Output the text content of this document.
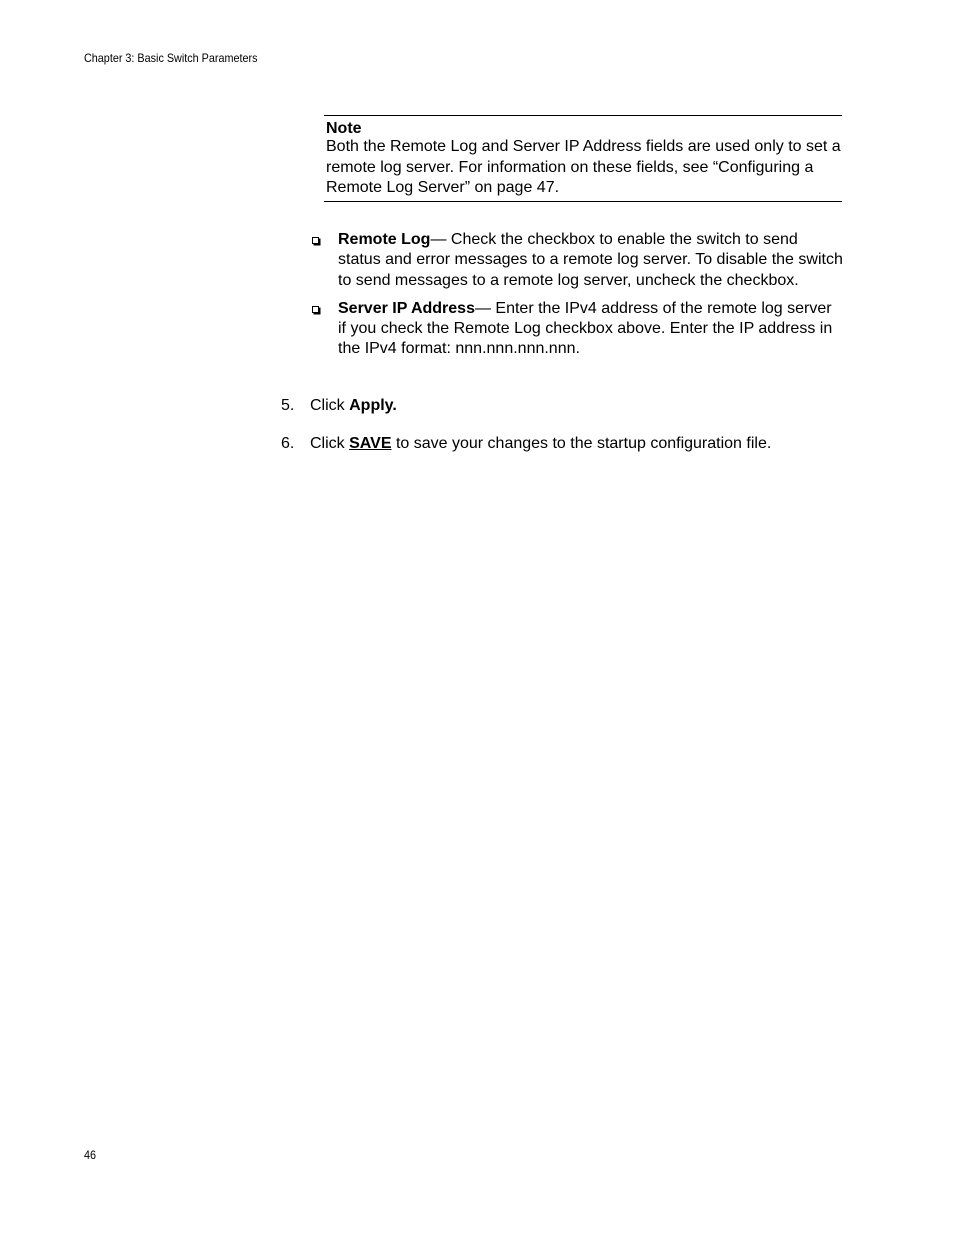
Chapter 3: Basic Switch Parameters
Note
Both the Remote Log and Server IP Address fields are used only to set a remote log server. For information on these fields, see “Configuring a Remote Log Server” on page 47.
Remote Log— Check the checkbox to enable the switch to send status and error messages to a remote log server. To disable the switch to send messages to a remote log server, uncheck the checkbox.
Server IP Address— Enter the IPv4 address of the remote log server if you check the Remote Log checkbox above. Enter the IP address in the IPv4 format: nnn.nnn.nnn.nnn.
5. Click Apply.
6. Click SAVE to save your changes to the startup configuration file.
46
